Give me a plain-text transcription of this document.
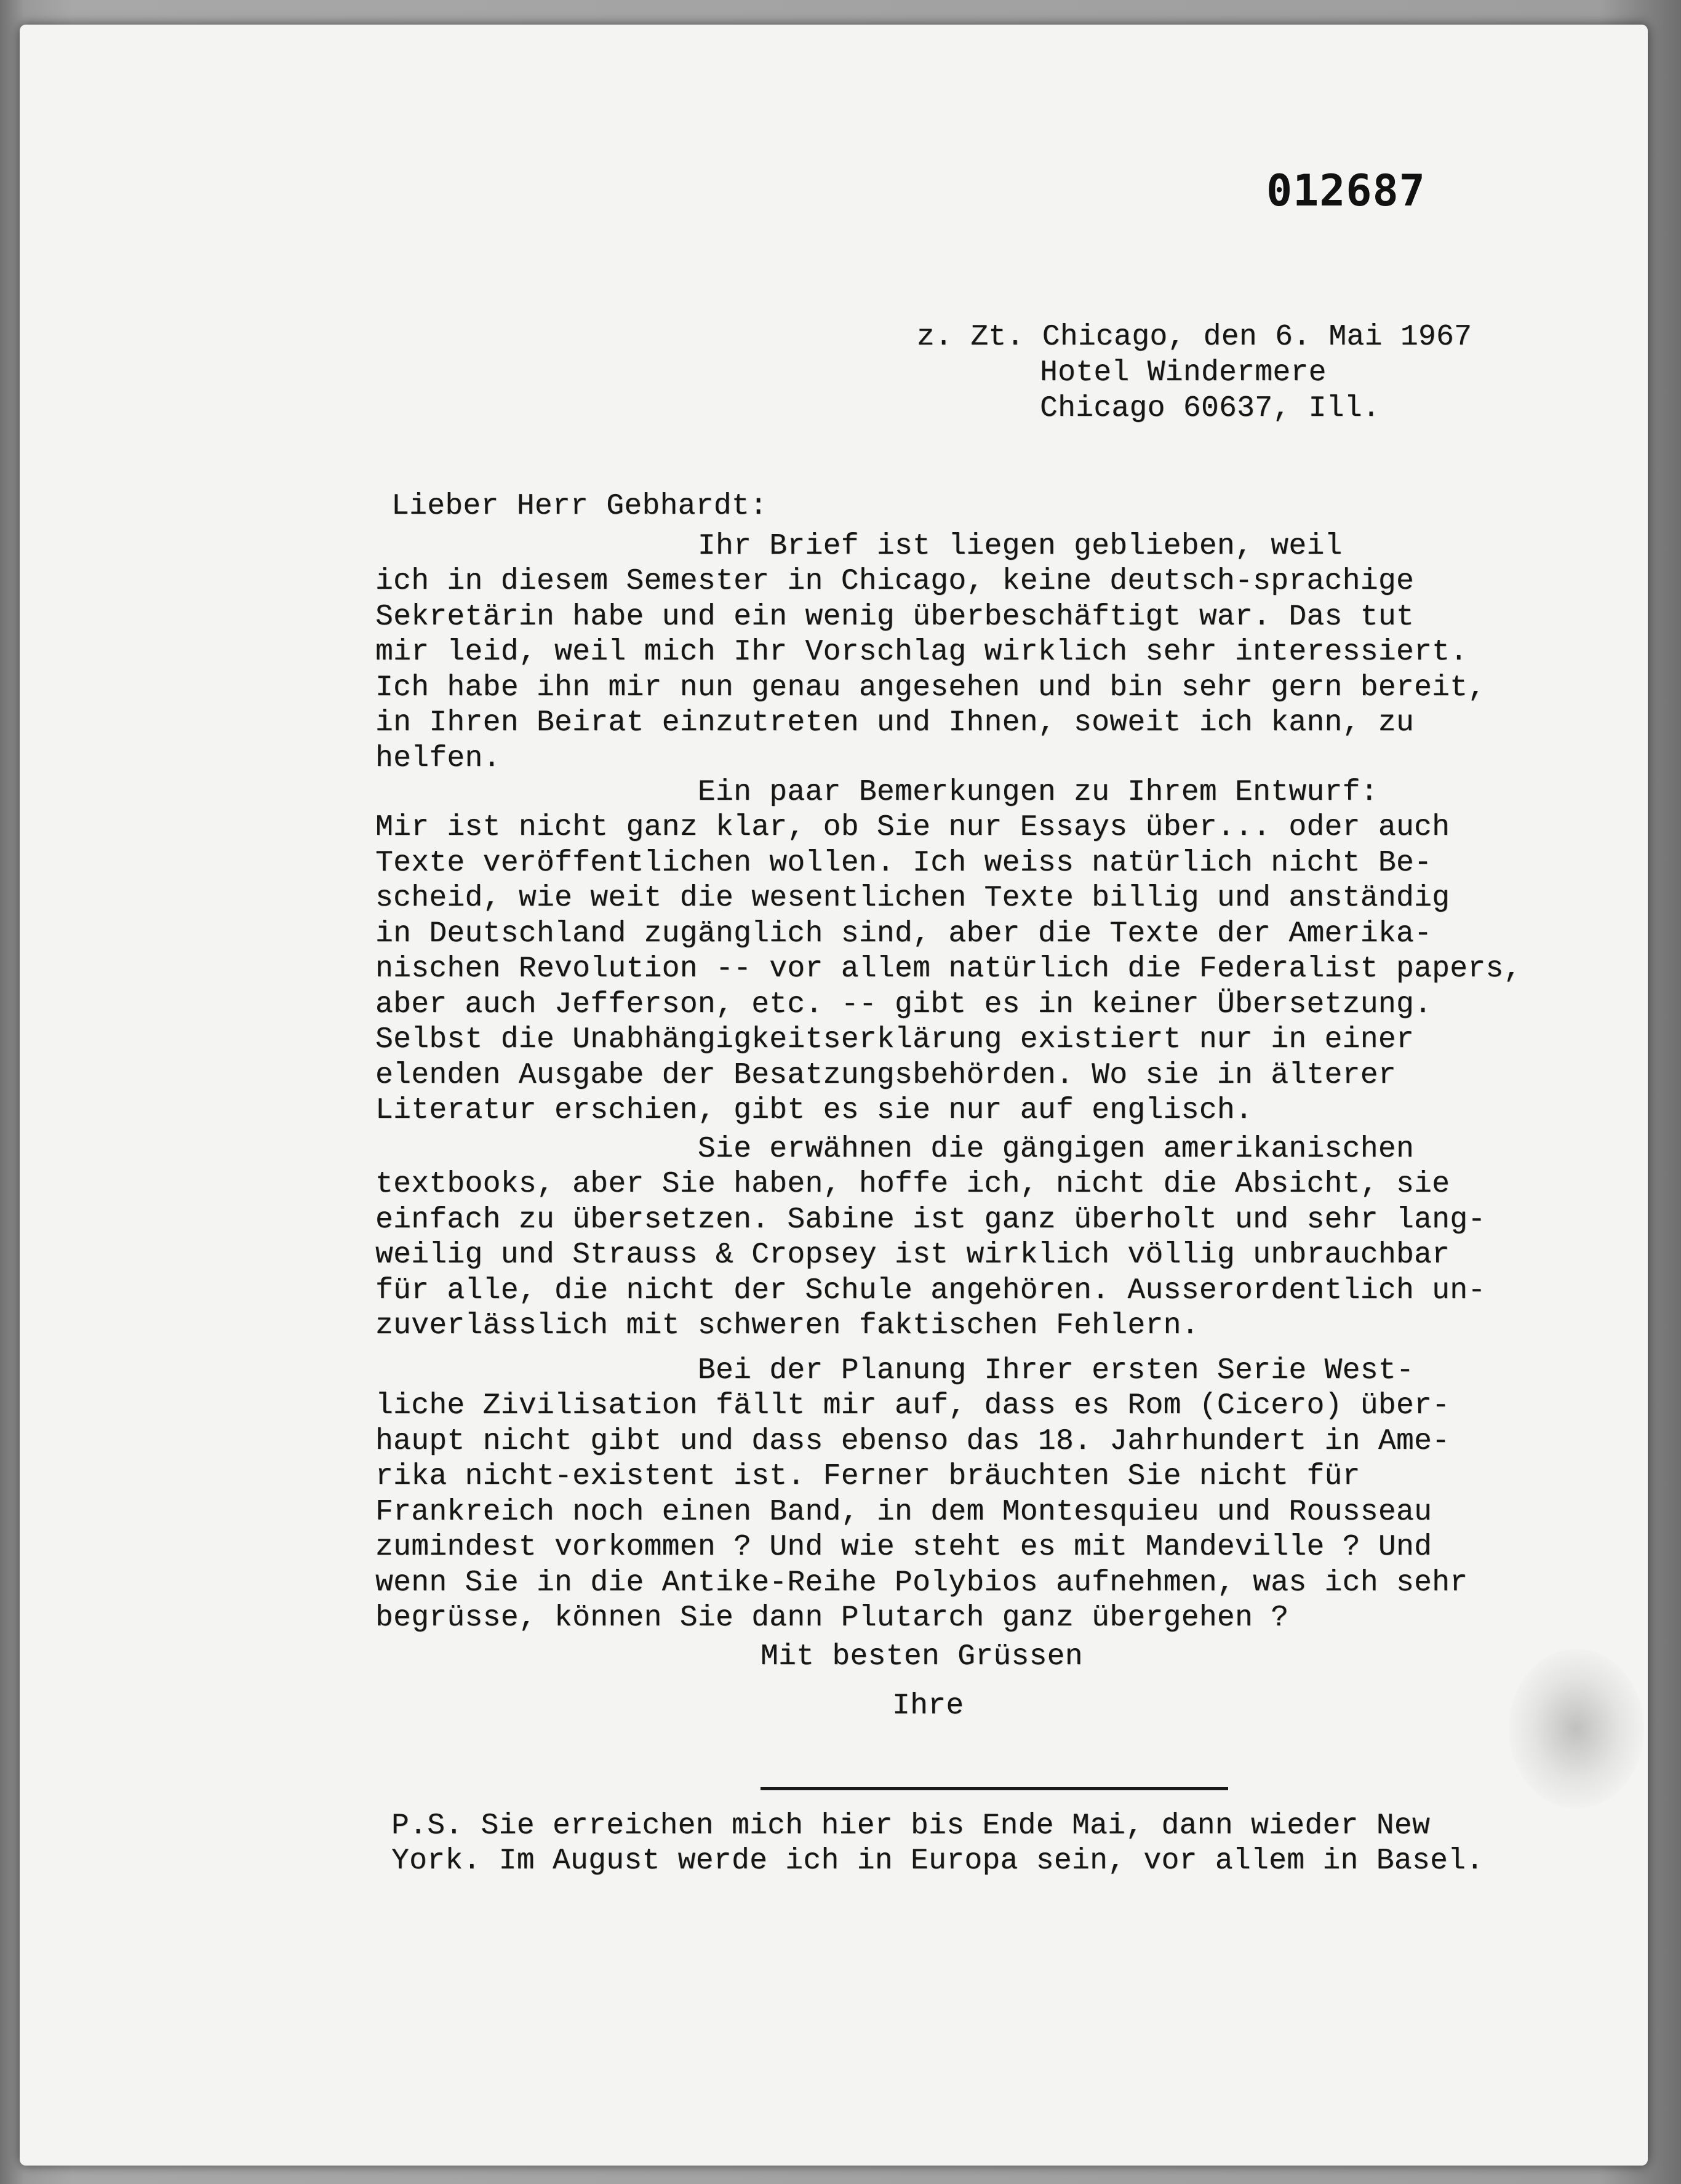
012687

z. Zt. Chicago, den 6. Mai 1967

Hotel Windermere

Chicago 60637, Ill.

Lieber Herr Gebhardt:

Ihr Brief ist liegen geblieben, weil

ich in diesem Semester in Chicago, keine deutsch-sprachige

Sekretärin habe und ein wenig überbeschäftigt war. Das tut

mir leid, weil mich Ihr Vorschlag wirklich sehr interessiert.

Ich habe ihn mir nun genau angesehen und bin sehr gern bereit,

in Ihren Beirat einzutreten und Ihnen, soweit ich kann, zu

helfen.

Ein paar Bemerkungen zu Ihrem Entwurf:

Mir ist nicht ganz klar, ob Sie nur Essays über... oder auch

Texte veröffentlichen wollen. Ich weiss natürlich nicht Be-

scheid, wie weit die wesentlichen Texte billig und anständig

in Deutschland zugänglich sind, aber die Texte der Amerika-

nischen Revolution -- vor allem natürlich die Federalist papers,

aber auch Jefferson, etc. -- gibt es in keiner Übersetzung.

Selbst die Unabhängigkeitserklärung existiert nur in einer

elenden Ausgabe der Besatzungsbehörden. Wo sie in älterer

Literatur erschien, gibt es sie nur auf englisch.

Sie erwähnen die gängigen amerikanischen

textbooks, aber Sie haben, hoffe ich, nicht die Absicht, sie

einfach zu übersetzen. Sabine ist ganz überholt und sehr lang-

weilig und Strauss & Cropsey ist wirklich völlig unbrauchbar

für alle, die nicht der Schule angehören. Ausserordentlich un-

zuverlässlich mit schweren faktischen Fehlern.

Bei der Planung Ihrer ersten Serie West-

liche Zivilisation fällt mir auf, dass es Rom (Cicero) über-

haupt nicht gibt und dass ebenso das 18. Jahrhundert in Ame-

rika nicht-existent ist. Ferner bräuchten Sie nicht für

Frankreich noch einen Band, in dem Montesquieu und Rousseau

zumindest vorkommen ? Und wie steht es mit Mandeville ? Und

wenn Sie in die Antike-Reihe Polybios aufnehmen, was ich sehr

begrüsse, können Sie dann Plutarch ganz übergehen ?

Mit besten Grüssen

Ihre

P.S. Sie erreichen mich hier bis Ende Mai, dann wieder New

York. Im August werde ich in Europa sein, vor allem in Basel.
